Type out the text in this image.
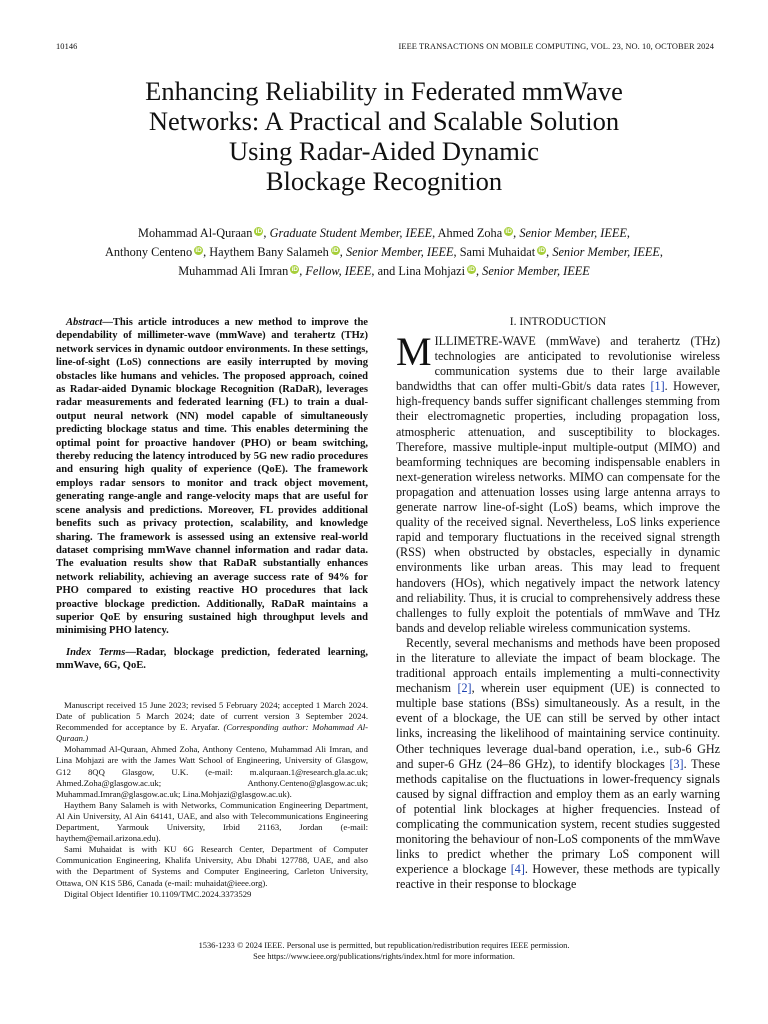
10146	IEEE TRANSACTIONS ON MOBILE COMPUTING, VOL. 23, NO. 10, OCTOBER 2024
Enhancing Reliability in Federated mmWave
Networks: A Practical and Scalable Solution
Using Radar-Aided Dynamic
Blockage Recognition
Mohammad Al-Quraan iD, Graduate Student Member, IEEE, Ahmed Zoha iD, Senior Member, IEEE,
Anthony Centeno iD, Haythem Bany Salameh iD, Senior Member, IEEE, Sami Muhaidat iD, Senior Member, IEEE,
Muhammad Ali Imran iD, Fellow, IEEE, and Lina Mohjazi iD, Senior Member, IEEE

Abstract—This article introduces a new method to improve the dependability of millimeter-wave (mmWave) and terahertz (THz) network services in dynamic outdoor environments. In these settings, line-of-sight (LoS) connections are easily interrupted by moving obstacles like humans and vehicles. The proposed approach, coined as Radar-aided Dynamic blockage Recognition (RaDaR), leverages radar measurements and federated learning (FL) to train a dual-output neural network (NN) model capable of simultaneously predicting blockage status and time. This enables determining the optimal point for proactive handover (PHO) or beam switching, thereby reducing the latency introduced by 5G new radio procedures and ensuring high quality of experience (QoE). The framework employs radar sensors to monitor and track object movement, generating range-angle and range-velocity maps that are useful for scene analysis and predictions. Moreover, FL provides additional benefits such as privacy protection, scalability, and knowledge sharing. The framework is assessed using an extensive real-world dataset comprising mmWave channel information and radar data. The evaluation results show that RaDaR substantially enhances network reliability, achieving an average success rate of 94% for PHO compared to existing reactive HO procedures that lack proactive blockage prediction. Additionally, RaDaR maintains a superior QoE by ensuring sustained high throughput levels and minimising PHO latency.

Index Terms—Radar, blockage prediction, federated learning, mmWave, 6G, QoE.

Manuscript received 15 June 2023; revised 5 February 2024; accepted 1 March 2024. Date of publication 5 March 2024; date of current version 3 September 2024. Recommended for acceptance by E. Aryafar. (Corresponding author: Mohammad Al-Quraan.)

Mohammad Al-Quraan, Ahmed Zoha, Anthony Centeno, Muhammad Ali Imran, and Lina Mohjazi are with the James Watt School of Engineering, University of Glasgow, G12 8QQ Glasgow, U.K. (e-mail: m.alquraan.1@research.gla.ac.uk; Ahmed.Zoha@glasgow.ac.uk; Anthony.Centeno@glasgow.ac.uk; Muhammad.Imran@glasgow.ac.uk; Lina.Mohjazi@glasgow.ac.uk).

Haythem Bany Salameh is with Networks, Communication Engineering Department, Al Ain University, Al Ain 64141, UAE, and also with Telecommunications Engineering Department, Yarmouk University, Irbid 21163, Jordan (e-mail: haythem@email.arizona.edu).

Sami Muhaidat is with KU 6G Research Center, Department of Computer Communication Engineering, Khalifa University, Abu Dhabi 127788, UAE, and also with the Department of Systems and Computer Engineering, Carleton University, Ottawa, ON K1S 5B6, Canada (e-mail: muhaidat@ieee.org).

Digital Object Identifier 10.1109/TMC.2024.3373529

I. INTRODUCTION

MILLIMETRE-WAVE (mmWave) and terahertz (THz) technologies are anticipated to revolutionise wireless communication systems due to their large available bandwidths that can offer multi-Gbit/s data rates [1]. However, high-frequency bands suffer significant challenges stemming from their electromagnetic properties, including propagation loss, atmospheric attenuation, and susceptibility to blockages. Therefore, massive multiple-input multiple-output (MIMO) and beamforming techniques are becoming indispensable enablers in next-generation wireless networks. MIMO can compensate for the propagation and attenuation losses using large antenna arrays to generate narrow line-of-sight (LoS) beams, which improve the quality of the received signal. Nevertheless, LoS links experience rapid and temporary fluctuations in the received signal strength (RSS) when obstructed by obstacles, especially in dynamic environments like urban areas. This may lead to frequent handovers (HOs), which negatively impact the network latency and reliability. Thus, it is crucial to comprehensively address these challenges to fully exploit the potentials of mmWave and THz bands and develop reliable wireless communication systems.

Recently, several mechanisms and methods have been proposed in the literature to alleviate the impact of beam blockage. The traditional approach entails implementing a multi-connectivity mechanism [2], wherein user equipment (UE) is connected to multiple base stations (BSs) simultaneously. As a result, in the event of a blockage, the UE can still be served by other intact links, increasing the likelihood of maintaining service continuity. Other techniques leverage dual-band operation, i.e., sub-6 GHz and super-6 GHz (24–86 GHz), to identify blockages [3]. These methods capitalise on the fluctuations in lower-frequency signals caused by signal diffraction and employ them as an early warning of potential link blockages at higher frequencies. Instead of complicating the communication system, recent studies suggested monitoring the behaviour of non-LoS components of the mmWave links to predict whether the primary LoS component will experience a blockage [4]. However, these methods are typically reactive in their response to blockage

1536-1233 © 2024 IEEE. Personal use is permitted, but republication/redistribution requires IEEE permission.
See https://www.ieee.org/publications/rights/index.html for more information.
